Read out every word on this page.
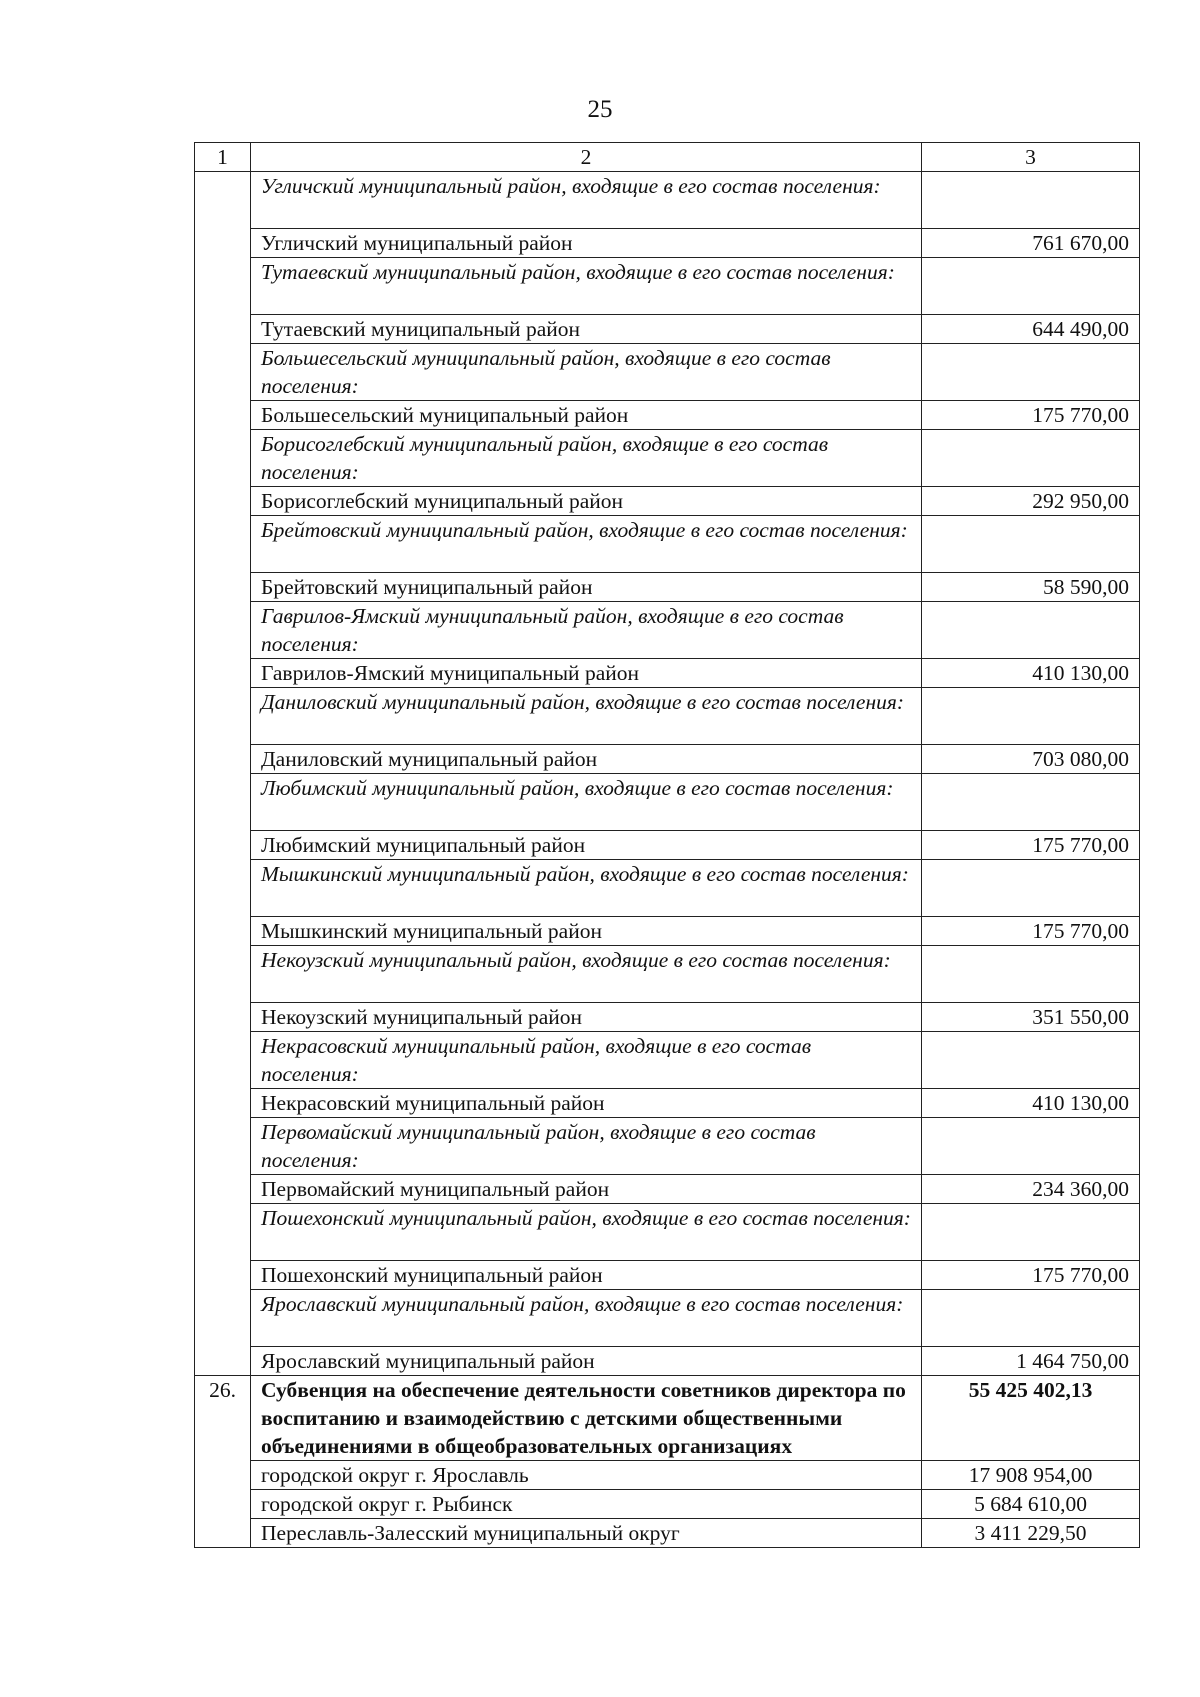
25
1	2	3
	Угличский муниципальный район, входящие в его состав поселения:	
	Угличский муниципальный район	761 670,00
	Тутаевский муниципальный район, входящие в его состав поселения:	
	Тутаевский муниципальный район	644 490,00
	Большесельский муниципальный район, входящие в его состав поселения:	
	Большесельский муниципальный район	175 770,00
	Борисоглебский муниципальный район, входящие в его состав поселения:	
	Борисоглебский муниципальный район	292 950,00
	Брейтовский муниципальный район, входящие в его состав поселения:	
	Брейтовский муниципальный район	58 590,00
	Гаврилов-Ямский муниципальный район, входящие в его состав поселения:	
	Гаврилов-Ямский муниципальный район	410 130,00
	Даниловский муниципальный район, входящие в его состав поселения:	
	Даниловский муниципальный район	703 080,00
	Любимский муниципальный район, входящие в его состав поселения:	
	Любимский муниципальный район	175 770,00
	Мышкинский муниципальный район, входящие в его состав поселения:	
	Мышкинский муниципальный район	175 770,00
	Некоузский муниципальный район, входящие в его состав поселения:	
	Некоузский муниципальный район	351 550,00
	Некрасовский муниципальный район, входящие в его состав поселения:	
	Некрасовский муниципальный район	410 130,00
	Первомайский муниципальный район, входящие в его состав поселения:	
	Первомайский муниципальный район	234 360,00
	Пошехонский муниципальный район, входящие в его состав поселения:	
	Пошехонский муниципальный район	175 770,00
	Ярославский муниципальный район, входящие в его состав поселения:	
	Ярославский муниципальный район	1 464 750,00
26.	Субвенция на обеспечение деятельности советников директора по воспитанию и взаимодействию с детскими общественными объединениями в общеобразовательных организациях	55 425 402,13
	городской округ г. Ярославль	17 908 954,00
	городской округ г. Рыбинск	5 684 610,00
	Переславль-Залесский муниципальный округ	3 411 229,50
